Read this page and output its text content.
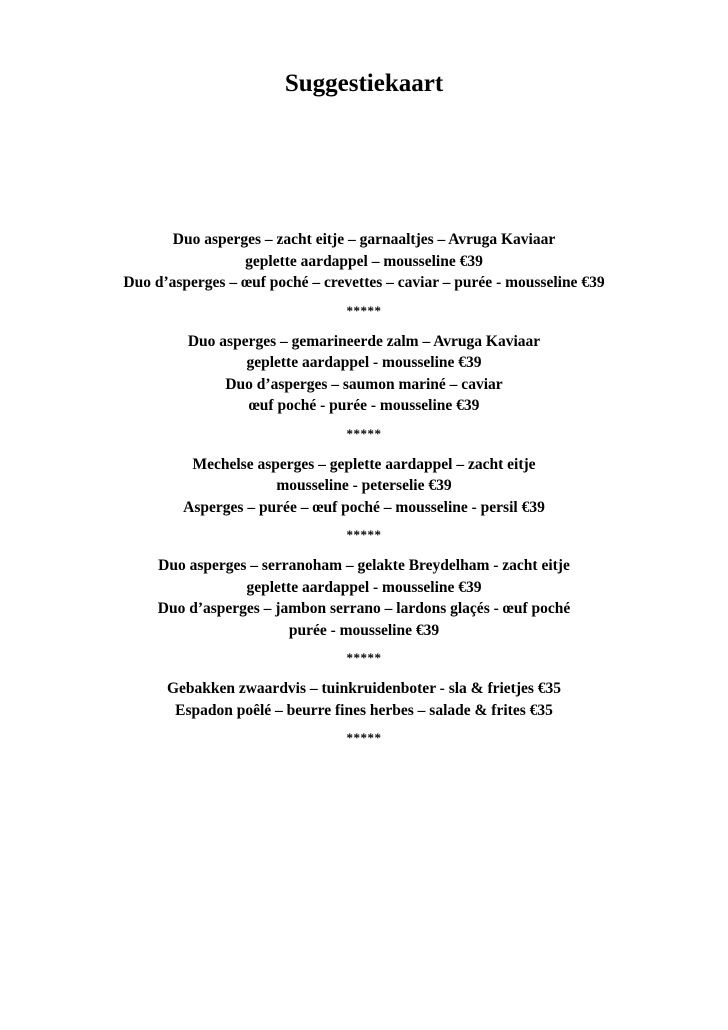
Suggestiekaart
Duo asperges – zacht eitje – garnaaltjes – Avruga Kaviaar
geplette aardappel – mousseline €39
Duo d’asperges – œuf poché – crevettes – caviar – purée - mousseline €39
*****
Duo asperges – gemarineerde zalm – Avruga Kaviaar
geplette aardappel - mousseline €39
Duo d’asperges – saumon mariné – caviar
œuf poché - purée - mousseline €39
*****
Mechelse asperges – geplette aardappel – zacht eitje
mousseline - peterselie €39
Asperges – purée – œuf poché – mousseline - persil €39
*****
Duo asperges – serranoham – gelakte Breydelham - zacht eitje
geplette aardappel - mousseline €39
Duo d’asperges – jambon serrano – lardons glaçés - œuf poché
purée - mousseline €39
*****
Gebakken zwaardvis – tuinkruidenboter - sla & frietjes €35
Espadon poêlé – beurre fines herbes – salade & frites €35
*****
